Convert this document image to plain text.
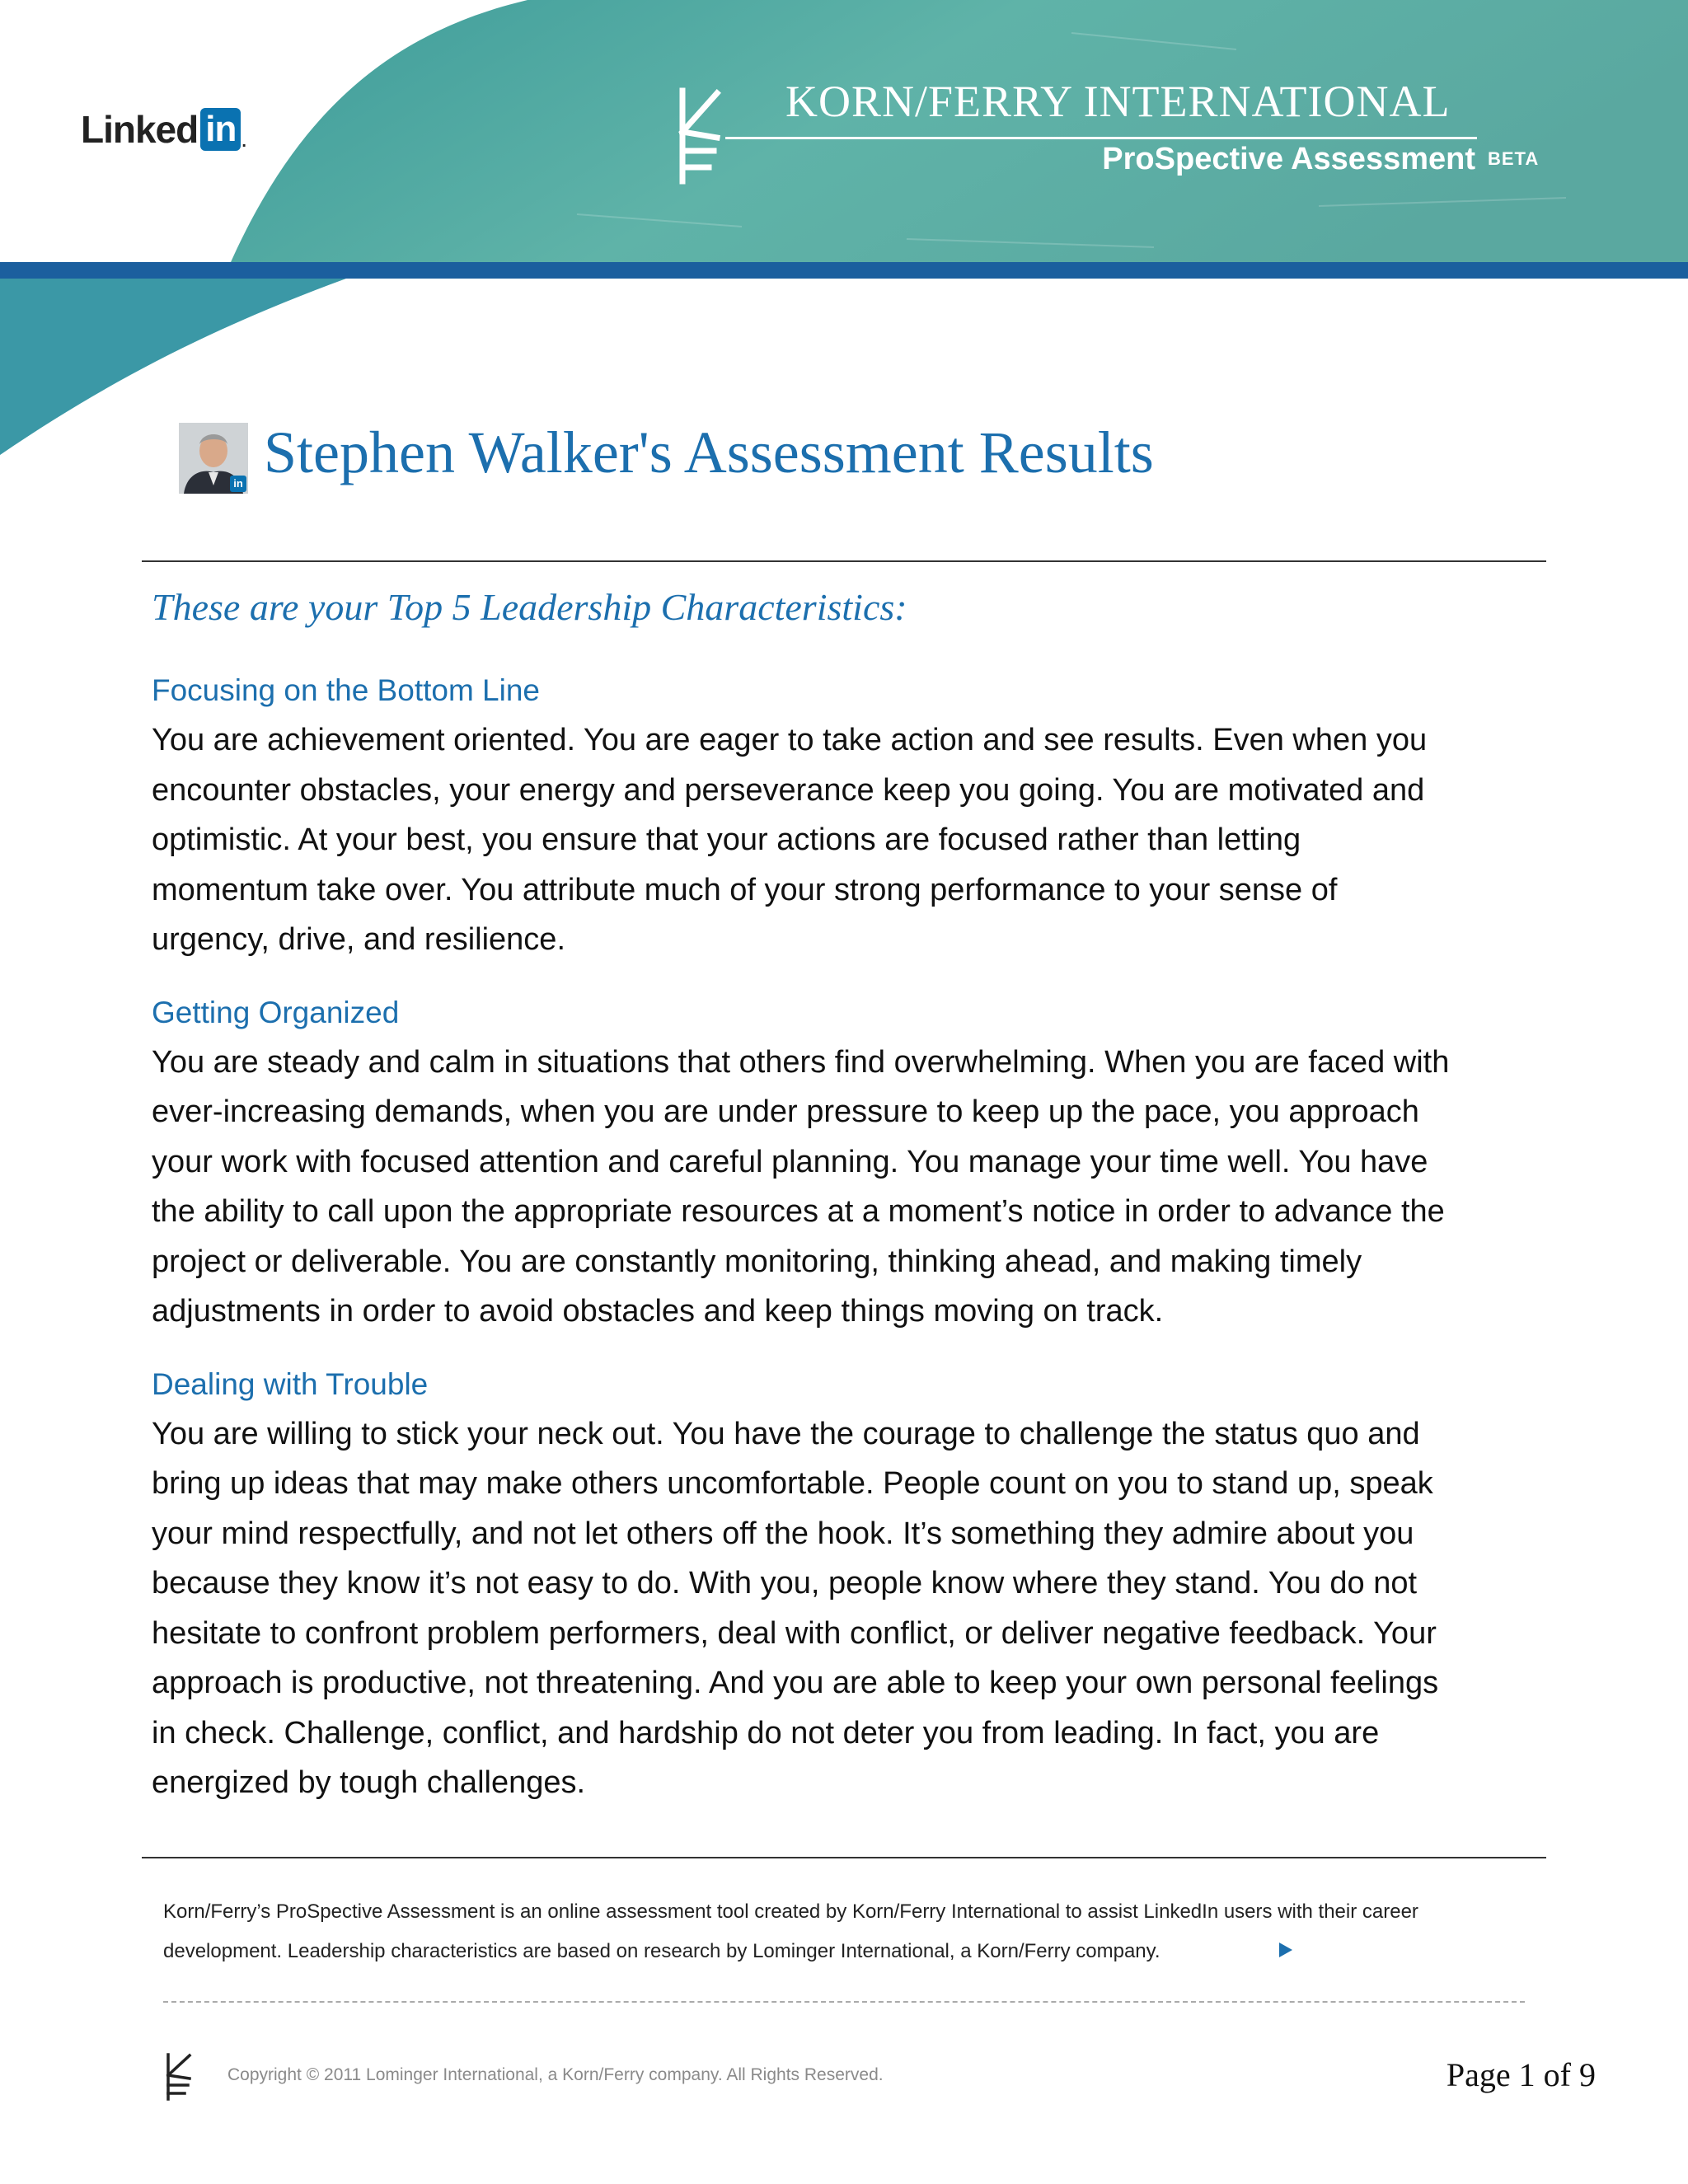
Linked in .
KORN/FERRY INTERNATIONAL
ProSpective Assessment BETA
in Stephen Walker's Assessment Results
These are your Top 5 Leadership Characteristics:

Focusing on the Bottom Line

You are achievement oriented. You are eager to take action and see results. Even when you
encounter obstacles, your energy and perseverance keep you going. You are motivated and
optimistic. At your best, you ensure that your actions are focused rather than letting
momentum take over. You attribute much of your strong performance to your sense of
urgency, drive, and resilience.

Getting Organized

You are steady and calm in situations that others find overwhelming. When you are faced with
ever-increasing demands, when you are under pressure to keep up the pace, you approach
your work with focused attention and careful planning. You manage your time well. You have
the ability to call upon the appropriate resources at a moment’s notice in order to advance the
project or deliverable. You are constantly monitoring, thinking ahead, and making timely
adjustments in order to avoid obstacles and keep things moving on track.

Dealing with Trouble

You are willing to stick your neck out. You have the courage to challenge the status quo and
bring up ideas that may make others uncomfortable. People count on you to stand up, speak
your mind respectfully, and not let others off the hook. It’s something they admire about you
because they know it’s not easy to do. With you, people know where they stand. You do not
hesitate to confront problem performers, deal with conflict, or deliver negative feedback. Your
approach is productive, not threatening. And you are able to keep your own personal feelings
in check. Challenge, conflict, and hardship do not deter you from leading. In fact, you are
energized by tough challenges.

Korn/Ferry’s ProSpective Assessment is an online assessment tool created by Korn/Ferry International to assist LinkedIn users with their career
development. Leadership characteristics are based on research by Lominger International, a Korn/Ferry company.
Copyright © 2011 Lominger International, a Korn/Ferry company. All Rights Reserved.	Page 1 of 9
